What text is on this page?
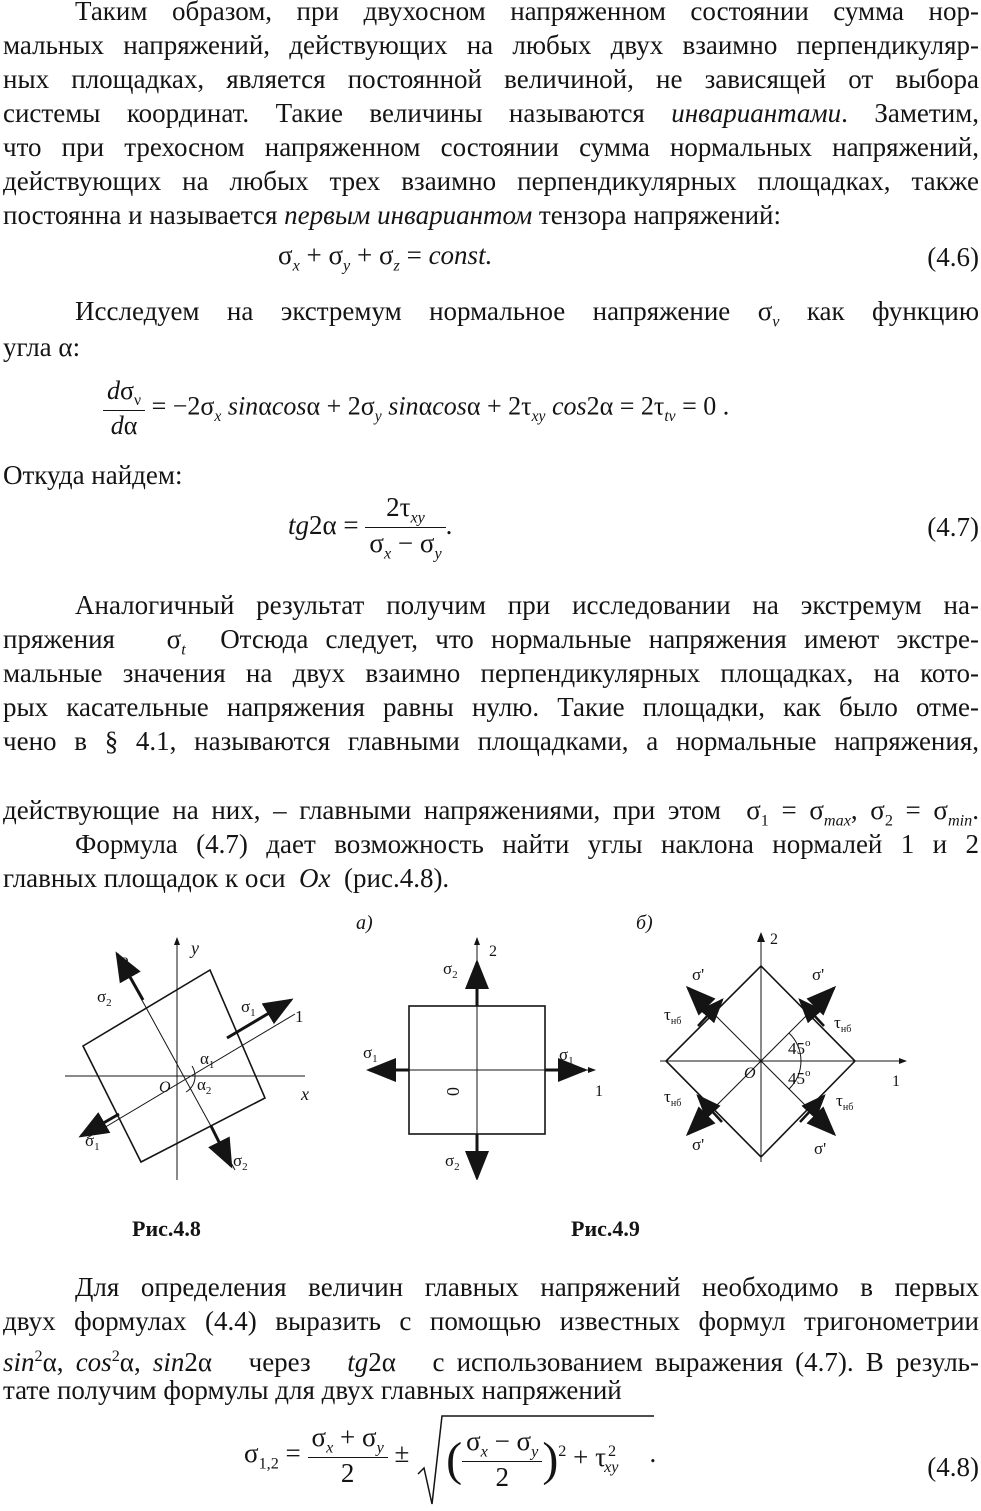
Таким образом, при двухосном напряженном состоянии сумма нор-
мальных напряжений, действующих на любых двух взаимно перпендикуляр-
ных площадках, является постоянной величиной, не зависящей от выбора
системы координат. Такие величины называются инвариантами. Заметим,
что при трехосном напряженном состоянии сумма нормальных напряжений,
действующих на любых трех взаимно перпендикулярных площадках, также
постоянна и называется первым инвариантом тензора напряжений:
$\sigma_x + \sigma_y + \sigma_z$ = const.	(4.6)
Исследуем на экстремум нормальное напряжение $\sigma_\nu$ как функцию
угла α:
$\frac{d\sigma_\nu}{d\alpha} = -2\sigma_x$ $\sin\alpha\cos\alpha + 2\sigma_y$ $\sin\alpha\cos\alpha + 2\tau_{xy}$ $\cos 2\alpha = 2\tau_{t\nu} = 0$ .
Откуда найдем:
$tg2\alpha = \frac{2\tau_{xy}}{\sigma_x - \sigma_y}$ .	(4.7)
Аналогичный результат получим при исследовании на экстремум на-
пряжения   $\sigma_t$ Отсюда следует, что нормальные напряжения имеют экстре-
мальные значения на двух взаимно перпендикулярных площадках, на кото-
рых касательные напряжения равны нулю. Такие площадки, как было отме-
чено в § 4.1, называются главными площадками, а нормальные напряжения,
действующие на них, – главными напряжениями, при этом  $\sigma_1 = \sigma_{max}$, $\sigma_2 = \sigma_{min}$.
Формула (4.7) дает возможность найти углы наклона нормалей 1 и 2
главных площадок к оси Ox (рис.4.8).
y
x
1
2
$\sigma_1$
$\sigma_2$
$\sigma_1$
$\sigma_2$
$\alpha_1$
$\alpha_2$
O
Рис.4.8
а)
2
1
$\sigma_2$
$\sigma_2$
$\sigma_1$	$\sigma_1$
0
Рис.4.9
б)
2
1
45$^o$
45$^o$
O
σ'	σ'
σ'	σ'
$\tau_{нб}$	$\tau_{нб}$
$\tau_{нб}$	$\tau_{нб}$
Для определения величин главных напряжений необходимо в первых
двух формулах (4.4) выразить с помощью известных формул тригонометрии
$\sin^2\alpha$, $\cos^2\alpha$, sin2α   через tg2α   с использованием выражения (4.7). В резуль-
тате получим формулы для двух главных напряжений
$\sigma_{1,2} = \frac{\sigma_x + \sigma_y}{2}$ ±
( $\frac{\sigma_x - \sigma_y}{2} )^2 + \tau$ $^2_{xy}$    .	(4.8)
